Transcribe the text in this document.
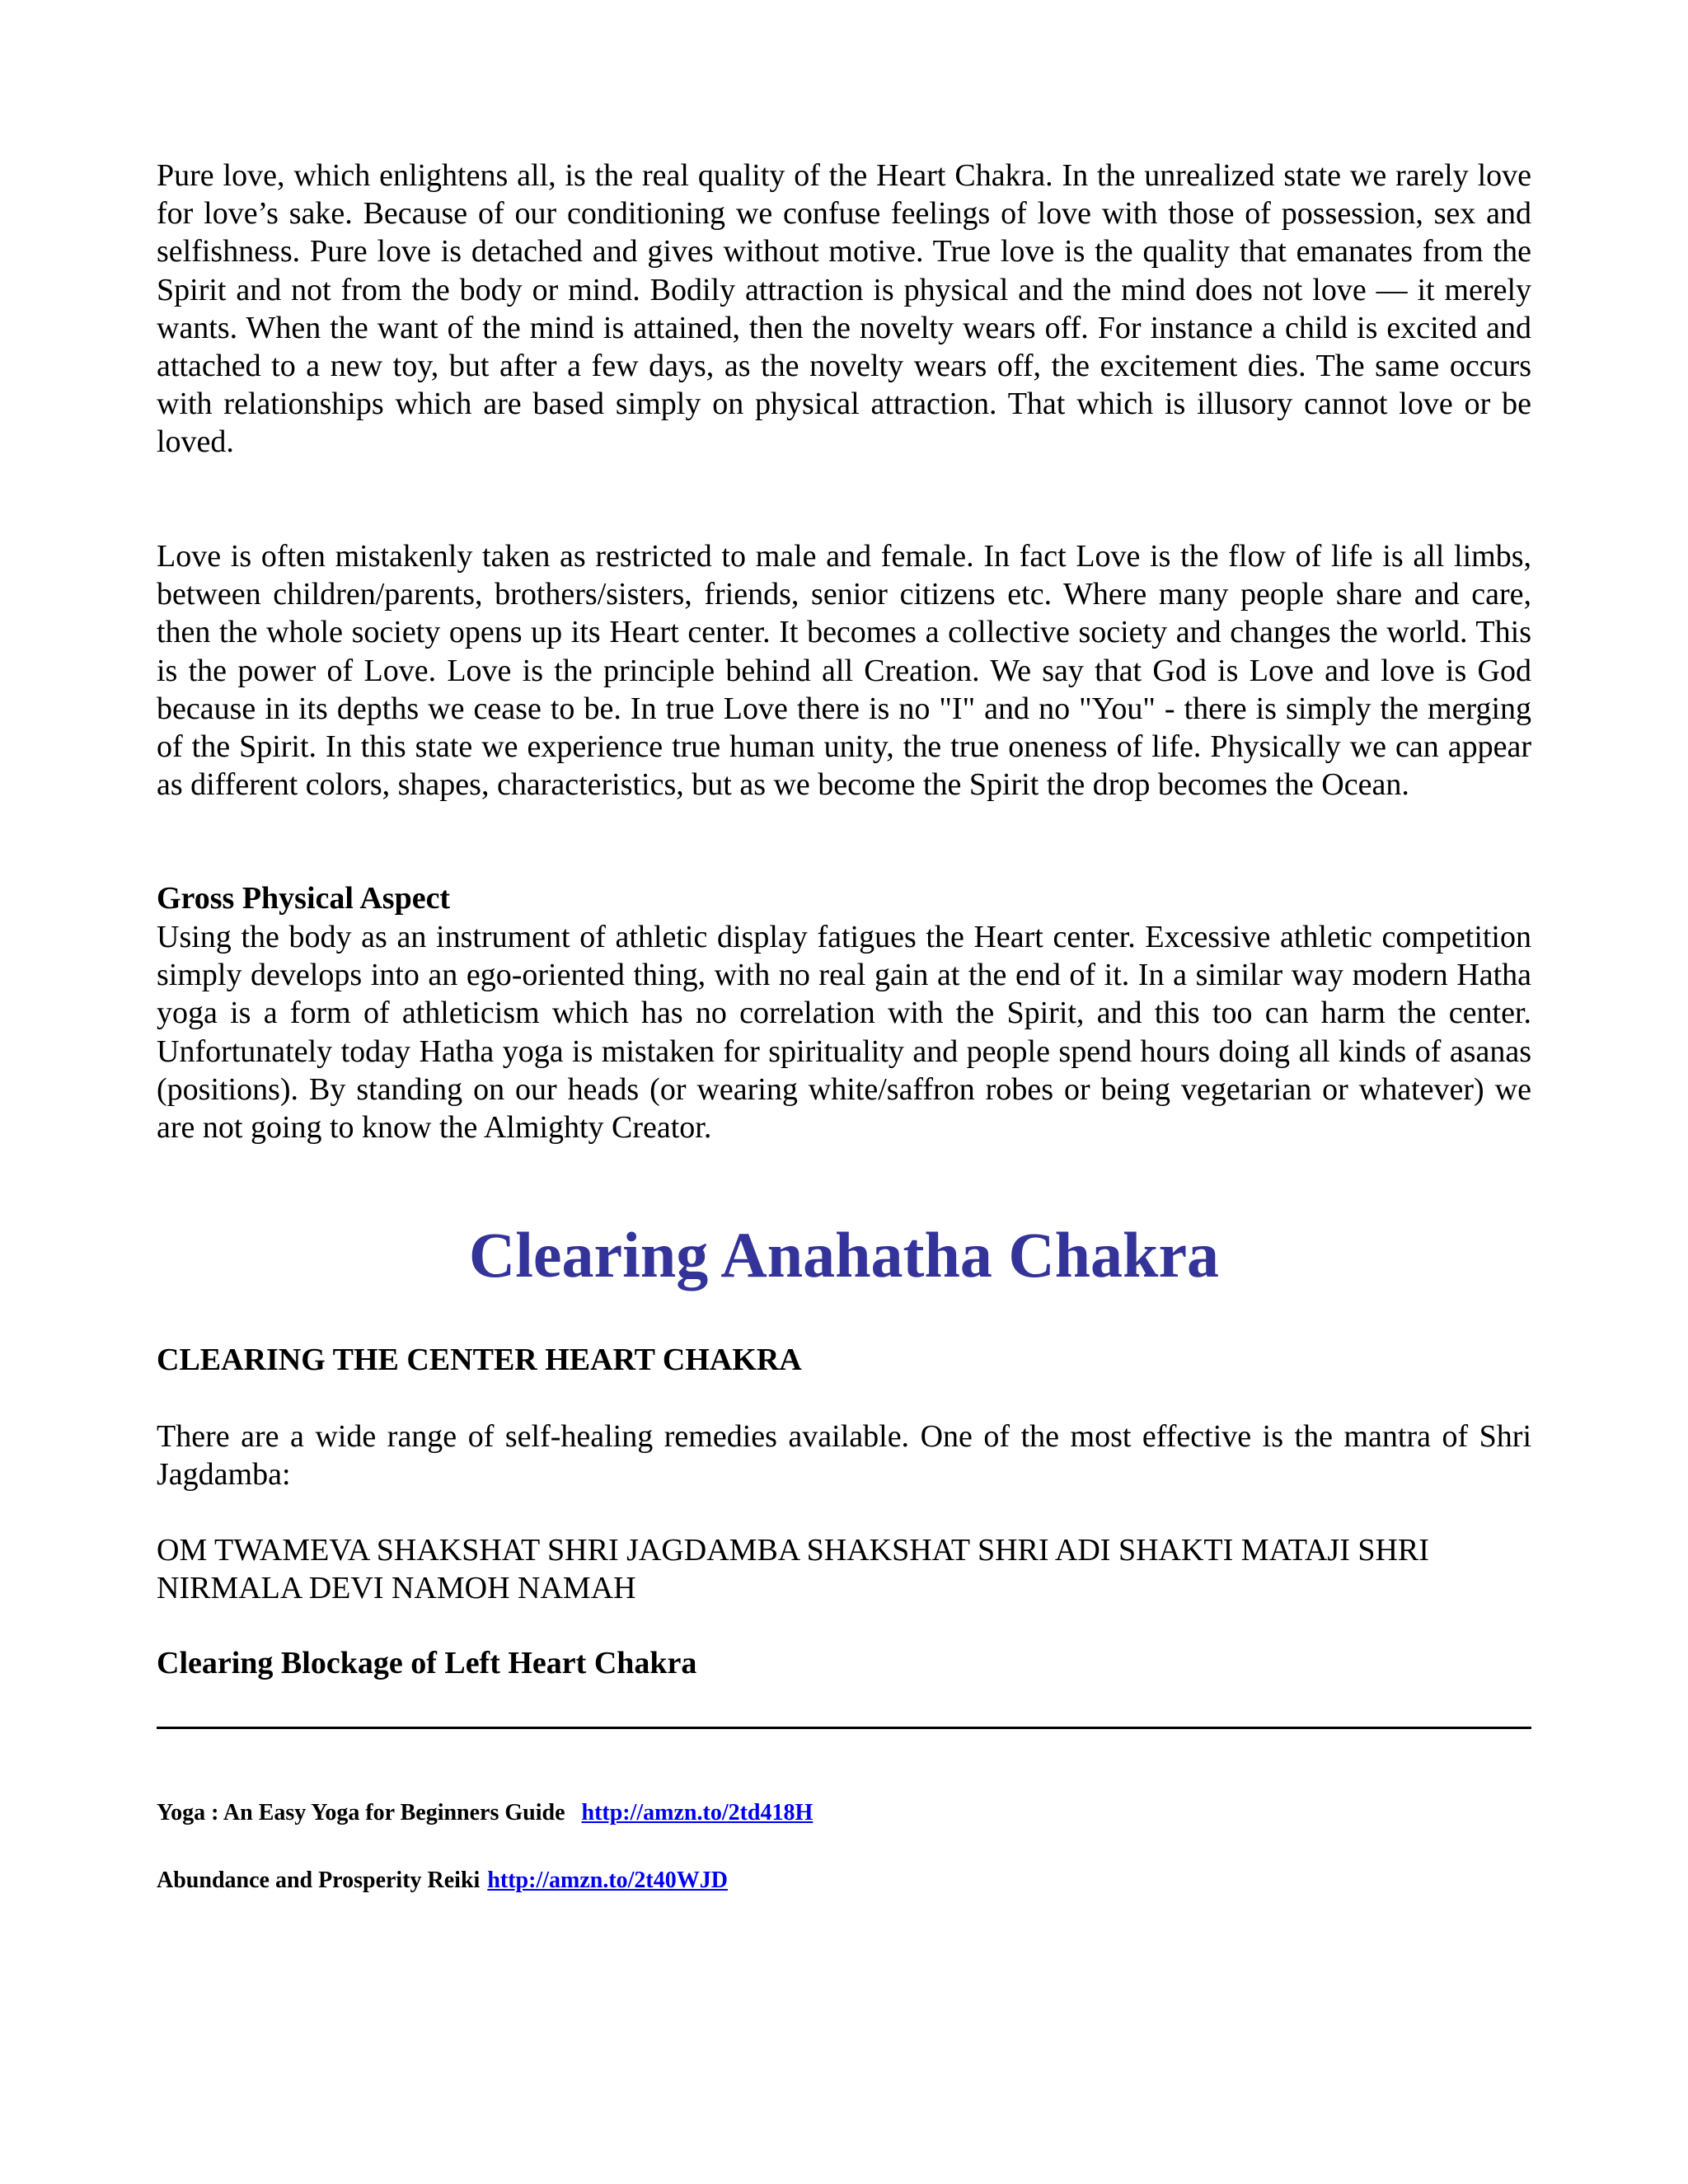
Pure love, which enlightens all, is the real quality of the Heart Chakra. In the unrealized state we rarely love for love’s sake. Because of our conditioning we confuse feelings of love with those of possession, sex and selfishness. Pure love is detached and gives without motive. True love is the quality that emanates from the Spirit and not from the body or mind. Bodily attraction is physical and the mind does not love — it merely wants. When the want of the mind is attained, then the novelty wears off. For instance a child is excited and attached to a new toy, but after a few days, as the novelty wears off, the excitement dies. The same occurs with relationships which are based simply on physical attraction. That which is illusory cannot love or be loved.

Love is often mistakenly taken as restricted to male and female. In fact Love is the flow of life is all limbs, between children/parents, brothers/sisters, friends, senior citizens etc. Where many people share and care, then the whole society opens up its Heart center. It becomes a collective society and changes the world. This is the power of Love. Love is the principle behind all Creation. We say that God is Love and love is God because in its depths we cease to be. In true Love there is no "I" and no "You" - there is simply the merging of the Spirit. In this state we experience true human unity, the true oneness of life. Physically we can appear as different colors, shapes, characteristics, but as we become the Spirit the drop becomes the Ocean.

Gross Physical Aspect

Using the body as an instrument of athletic display fatigues the Heart center. Excessive athletic competition simply develops into an ego-oriented thing, with no real gain at the end of it. In a similar way modern Hatha yoga is a form of athleticism which has no correlation with the Spirit, and this too can harm the center. Unfortunately today Hatha yoga is mistaken for spirituality and people spend hours doing all kinds of asanas (positions). By standing on our heads (or wearing white/saffron robes or being vegetarian or whatever) we are not going to know the Almighty Creator.

Clearing Anahatha Chakra

CLEARING THE CENTER HEART CHAKRA

There are a wide range of self-healing remedies available. One of the most effective is the mantra of Shri Jagdamba:

OM TWAMEVA SHAKSHAT SHRI JAGDAMBA SHAKSHAT SHRI ADI SHAKTI MATAJI SHRI NIRMALA DEVI NAMOH NAMAH

Clearing Blockage of Left Heart Chakra

Yoga : An Easy Yoga for Beginners Guide http://amzn.to/2td418H

Abundance and Prosperity Reiki http://amzn.to/2t40WJD
